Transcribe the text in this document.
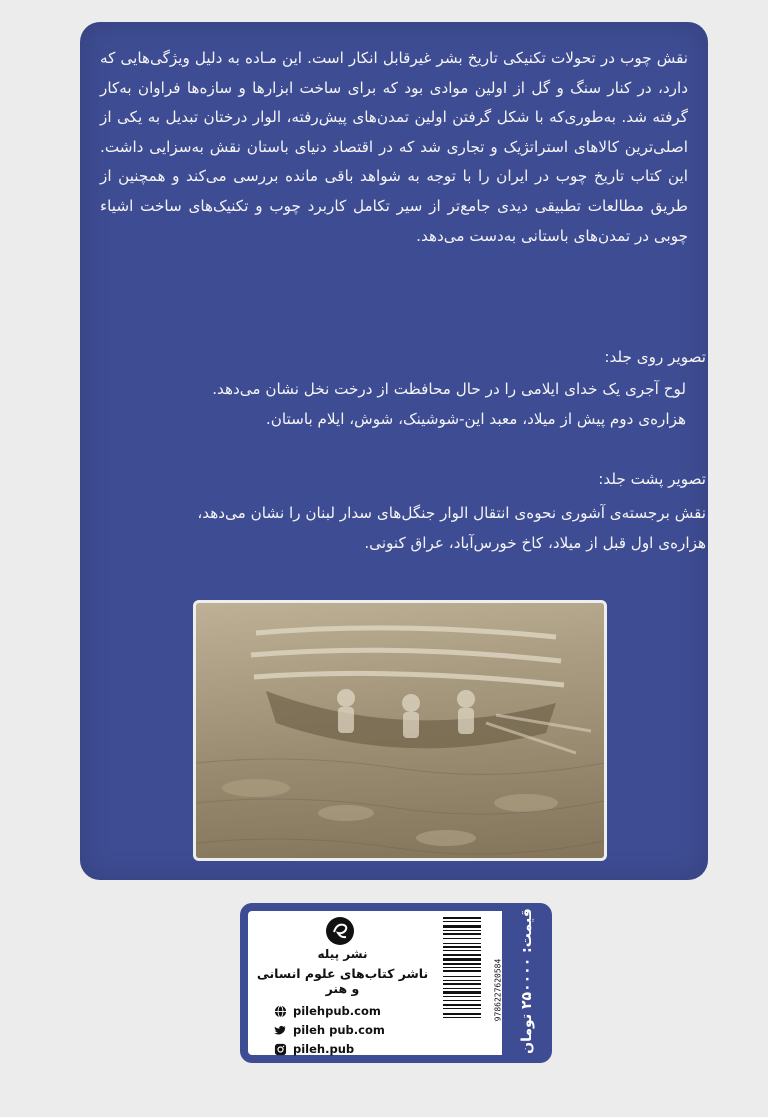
نقش چوب در تحولات تکنیکی تاریخ بشر غیرقابل انکار است. این مـاده به دلیل ویژگی‌هایی که دارد، در کنار سنگ و گل از اولین موادی بود که برای ساخت ابزارها و سازه‌ها فراوان به‌کار گرفته شد. به‌طوری‌که با شکل گرفتن اولین تمدن‌های پیش‌رفته، الوار درختان تبدیل به یکی از اصلی‌ترین کالاهای استراتژیک و تجاری شد که در اقتصاد دنیای باستان نقش به‌سزایی داشت. این کتاب تاریخ چوب در ایران را با توجه به شواهد باقی مانده بررسی می‌کند و همچنین از طریق مطالعات تطبیقی دیدی جامع‌تر از سیر تکامل کاربرد چوب و تکنیک‌های ساخت اشیاء چوبی در تمدن‌های باستانی به‌دست می‌دهد.

تصویر روی جلد:

لوح آجری یک خدای ایلامی را در حال محافظت از درخت نخل نشان می‌دهد.

هزاره‌ی دوم پیش از میلاد، معبد این-شوشینک، شوش، ایلام باستان.

تصویر پشت جلد:

نقش برجسته‌ی آشوری نحوه‌ی انتقال الوار جنگل‌های سدار لبنان را نشان می‌دهد،

هزاره‌ی اول قبل از میلاد، کاخ خورس‌آباد، عراق کنونی.

نشر پیله

ناشر کتاب‌های علوم انسانی و هنر

pilehpub.com
pileh pub.com
pileh.pub
9786227620584
قیمت: ۲۵۰۰۰۰ تومان
